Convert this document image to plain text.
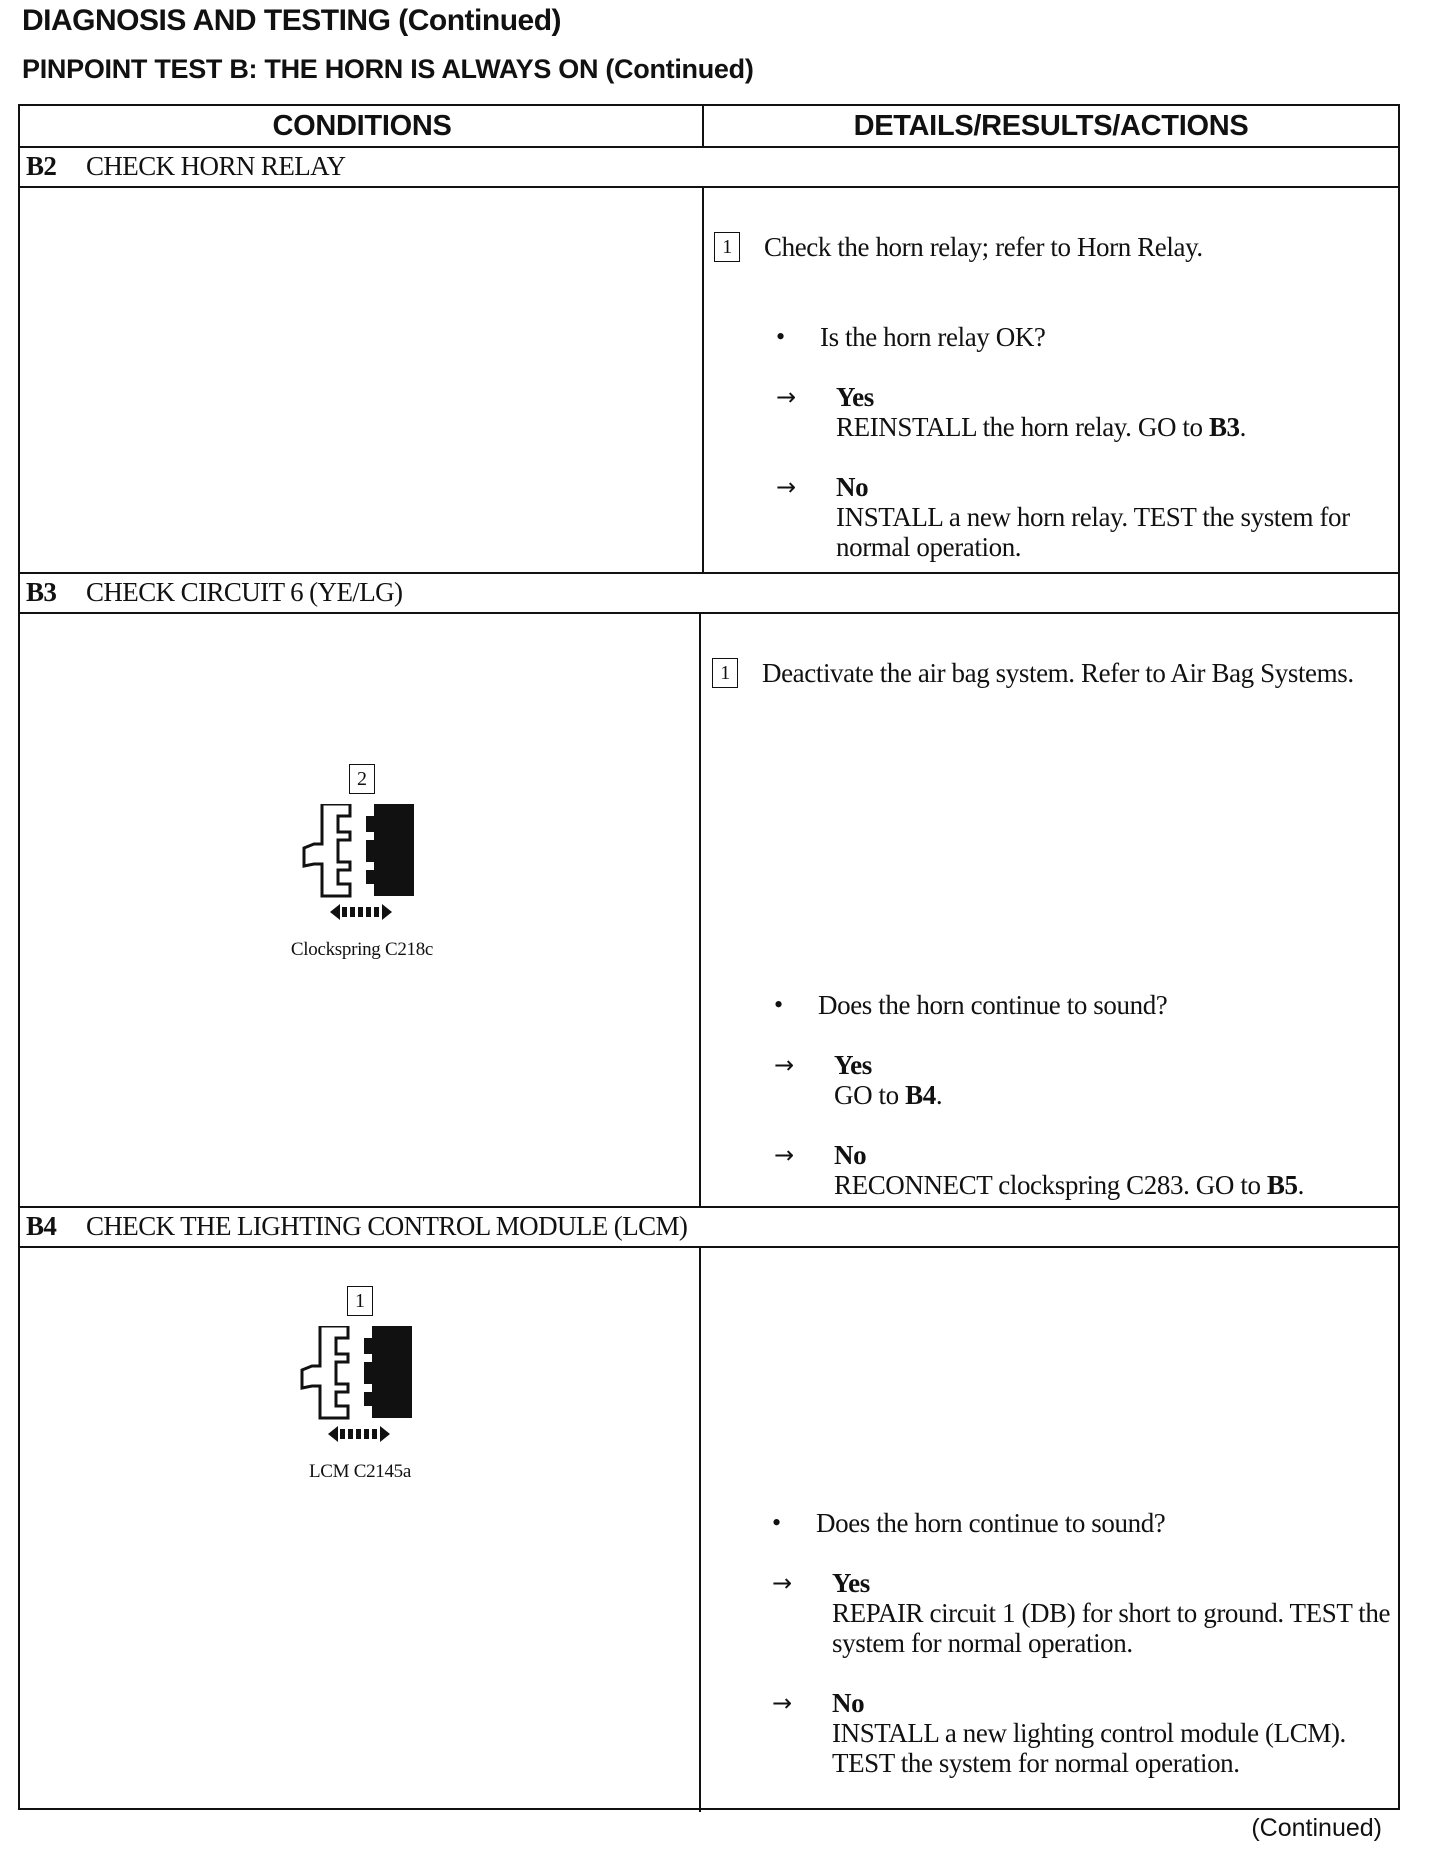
DIAGNOSIS AND TESTING (Continued)
PINPOINT TEST B: THE HORN IS ALWAYS ON (Continued)
CONDITIONS	DETAILS/RESULTS/ACTIONS
B2	CHECK HORN RELAY
1	Check the horn relay; refer to Horn Relay.
•	Is the horn relay OK?
→	Yes
REINSTALL the horn relay. GO to B3.
→	No
INSTALL a new horn relay. TEST the system for normal operation.
B3	CHECK CIRCUIT 6 (YE/LG)
2
Clockspring C218c
1	Deactivate the air bag system. Refer to Air Bag Systems.
•	Does the horn continue to sound?
→	Yes
GO to B4.
→	No
RECONNECT clockspring C283. GO to B5.
B4	CHECK THE LIGHTING CONTROL MODULE (LCM)
1
LCM C2145a
•	Does the horn continue to sound?
→	Yes
REPAIR circuit 1 (DB) for short to ground. TEST the system for normal operation.
→	No
INSTALL a new lighting control module (LCM). TEST the system for normal operation.
(Continued)
